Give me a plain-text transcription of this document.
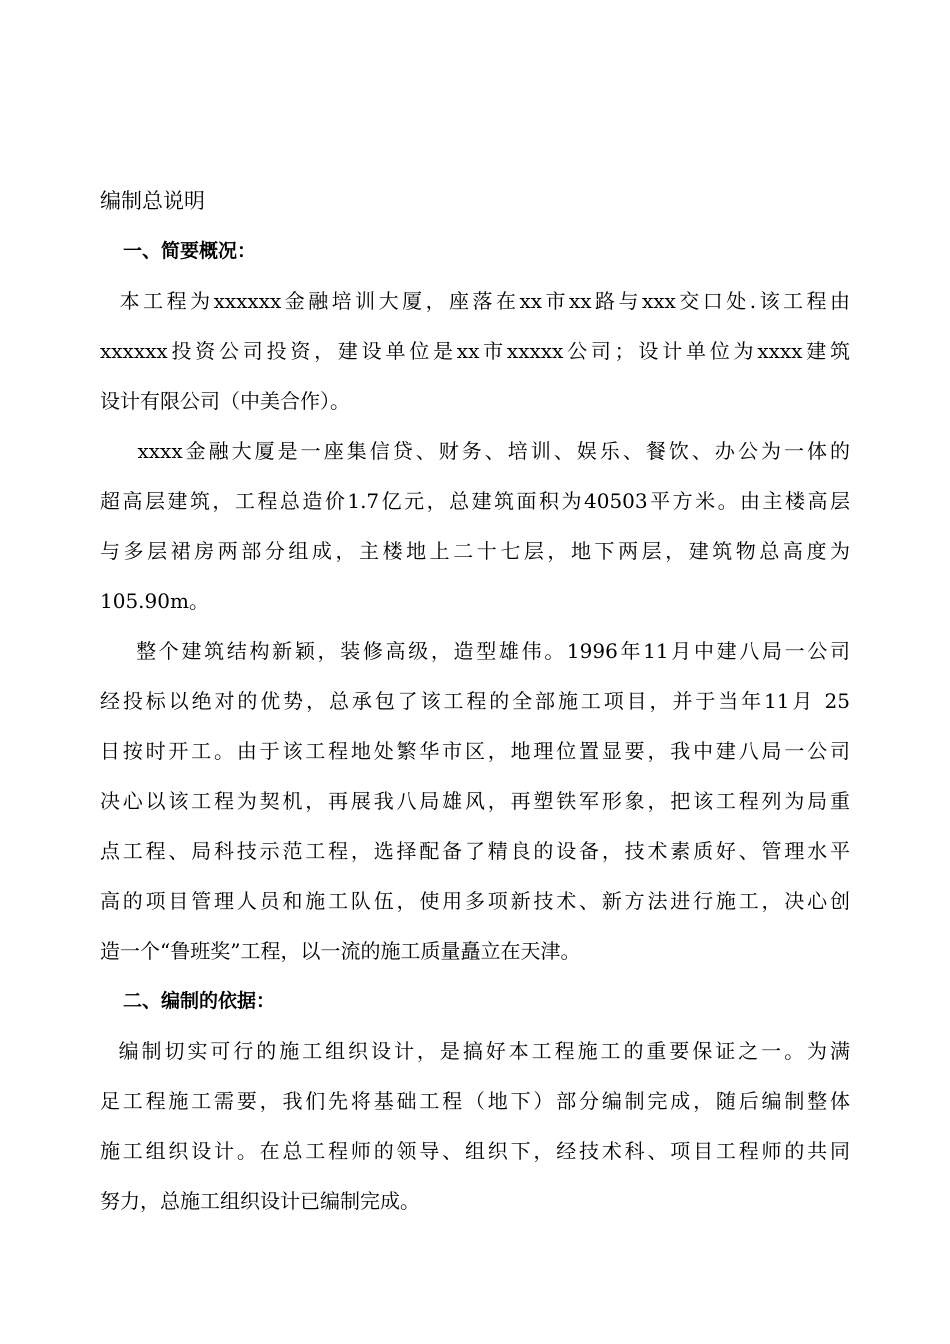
编制总说明
一、简要概况：
本工程为xxxxxx金融培训大厦，座落在xx市xx路与xxx交口处.该工程由
xxxxxx投资公司投资，建设单位是xx市xxxxx公司；设计单位为xxxx建筑
设计有限公司（中美合作）。
xxxx金融大厦是一座集信贷、财务、培训、娱乐、餐饮、办公为一体的
超高层建筑，工程总造价1.7亿元，总建筑面积为40503平方米。由主楼高层
与多层裙房两部分组成，主楼地上二十七层，地下两层，建筑物总高度为
105.90m。
整个建筑结构新颖，装修高级，造型雄伟。1996年11月中建八局一公司
经投标以绝对的优势，总承包了该工程的全部施工项目，并于当年11月 25
日按时开工。由于该工程地处繁华市区，地理位置显要，我中建八局一公司
决心以该工程为契机，再展我八局雄风，再塑铁军形象，把该工程列为局重
点工程、局科技示范工程，选择配备了精良的设备，技术素质好、管理水平
高的项目管理人员和施工队伍，使用多项新技术、新方法进行施工，决心创
造一个“鲁班奖”工程，以一流的施工质量矗立在天津。
二、编制的依据：
编制切实可行的施工组织设计，是搞好本工程施工的重要保证之一。为满
足工程施工需要，我们先将基础工程（地下）部分编制完成，随后编制整体
施工组织设计。在总工程师的领导、组织下，经技术科、项目工程师的共同
努力，总施工组织设计已编制完成。
